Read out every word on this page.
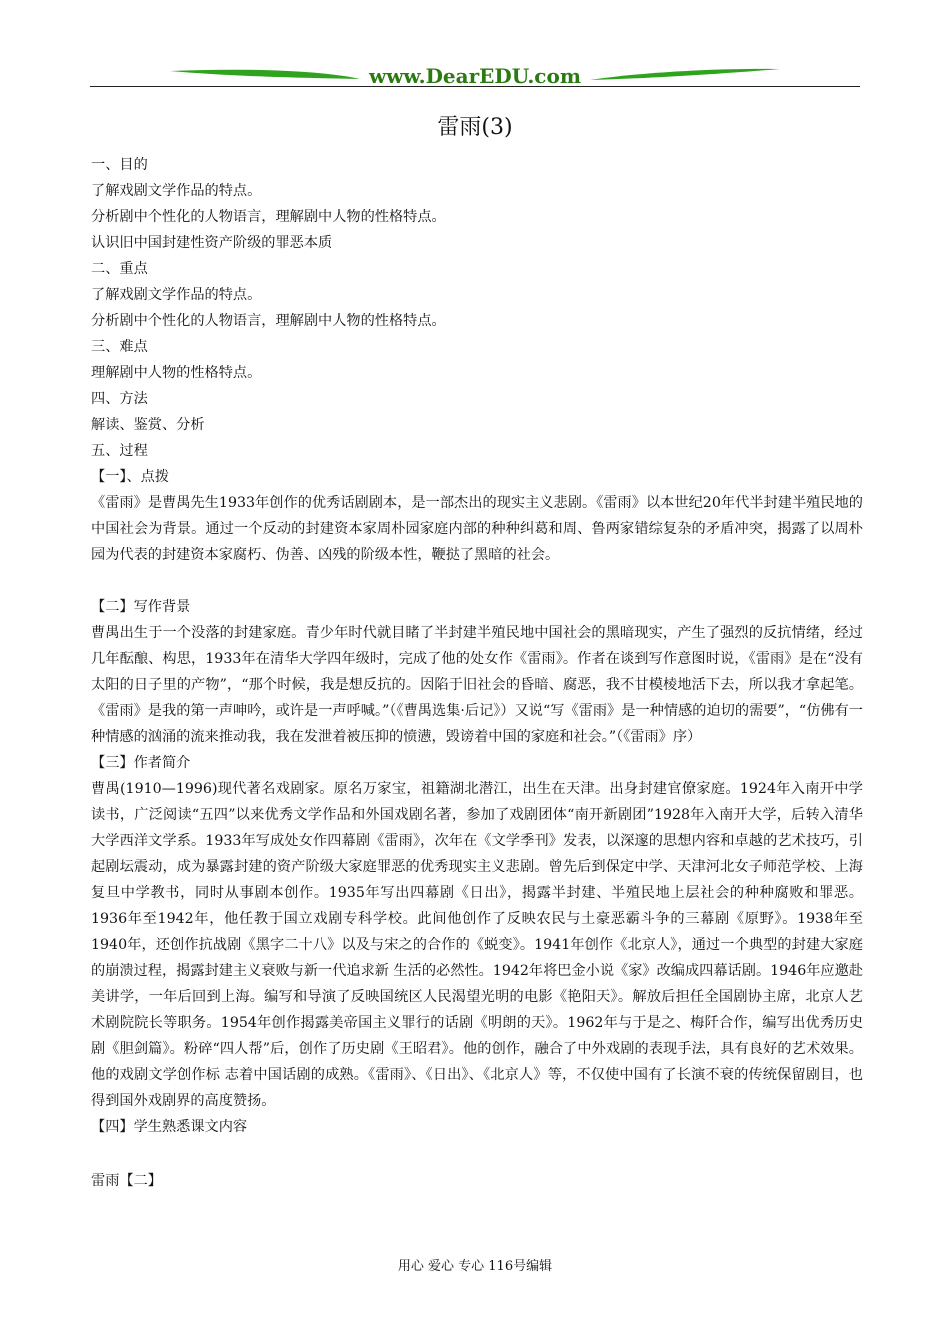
www.DearEDU.com
雷雨(3)

一、目的

了解戏剧文学作品的特点。

分析剧中个性化的人物语言，理解剧中人物的性格特点。

认识旧中国封建性资产阶级的罪恶本质

二、重点

了解戏剧文学作品的特点。

分析剧中个性化的人物语言，理解剧中人物的性格特点。

三、难点

理解剧中人物的性格特点。

四、方法

解读、鉴赏、分析

五、过程

【一】、点拨

《雷雨》是曹禺先生1933年创作的优秀话剧剧本，是一部杰出的现实主义悲剧。《雷雨》以本世纪20年代半封建半殖民地的中国社会为背景。通过一个反动的封建资本家周朴园家庭内部的种种纠葛和周、鲁两家错综复杂的矛盾冲突，揭露了以周朴园为代表的封建资本家腐朽、伪善、凶残的阶级本性，鞭挞了黑暗的社会。

【二】写作背景

曹禺出生于一个没落的封建家庭。青少年时代就目睹了半封建半殖民地中国社会的黑暗现实，产生了强烈的反抗情绪，经过几年酝酿、构思，1933年在清华大学四年级时，完成了他的处女作《雷雨》。作者在谈到写作意图时说，《雷雨》是在“没有太阳的日子里的产物”，“那个时候，我是想反抗的。因陷于旧社会的昏暗、腐恶，我不甘模棱地活下去，所以我才拿起笔。《雷雨》是我的第一声呻吟，或许是一声呼喊。”（《曹禺选集·后记》）又说“写《雷雨》是一种情感的迫切的需要”，“仿佛有一种情感的汹涌的流来推动我，我在发泄着被压抑的愤懑，毁谤着中国的家庭和社会。”（《雷雨》序）

【三】作者简介

曹禺(1910—1996)现代著名戏剧家。原名万家宝，祖籍湖北潜江，出生在天津。出身封建官僚家庭。1924年入南开中学读书，广泛阅读“五四”以来优秀文学作品和外国戏剧名著，参加了戏剧团体“南开新剧团”1928年入南开大学，后转入清华大学西洋文学系。1933年写成处女作四幕剧《雷雨》，次年在《文学季刊》发表，以深邃的思想内容和卓越的艺术技巧，引起剧坛震动，成为暴露封建的资产阶级大家庭罪恶的优秀现实主义悲剧。曾先后到保定中学、天津河北女子师范学校、上海复旦中学教书，同时从事剧本创作。1935年写出四幕剧《日出》，揭露半封建、半殖民地上层社会的种种腐败和罪恶。1936年至1942年，他任教于国立戏剧专科学校。此间他创作了反映农民与土豪恶霸斗争的三幕剧《原野》。1938年至1940年，还创作抗战剧《黑字二十八》以及与宋之的合作的《蜕变》。1941年创作《北京人》，通过一个典型的封建大家庭的崩溃过程，揭露封建主义衰败与新一代追求新 生活的必然性。1942年将巴金小说《家》改编成四幕话剧。1946年应邀赴美讲学，一年后回到上海。编写和导演了反映国统区人民渴望光明的电影《艳阳天》。解放后担任全国剧协主席，北京人艺术剧院院长等职务。1954年创作揭露美帝国主义罪行的话剧《明朗的天》。1962年与于是之、梅阡合作，编写出优秀历史剧《胆剑篇》。粉碎“四人帮”后，创作了历史剧《王昭君》。他的创作，融合了中外戏剧的表现手法，具有良好的艺术效果。他的戏剧文学创作标 志着中国话剧的成熟。《雷雨》、《日出》、《北京人》等，不仅使中国有了长演不衰的传统保留剧目，也得到国外戏剧界的高度赞扬。

【四】学生熟悉课文内容

雷雨【二】

用心 爱心 专心 116号编辑
